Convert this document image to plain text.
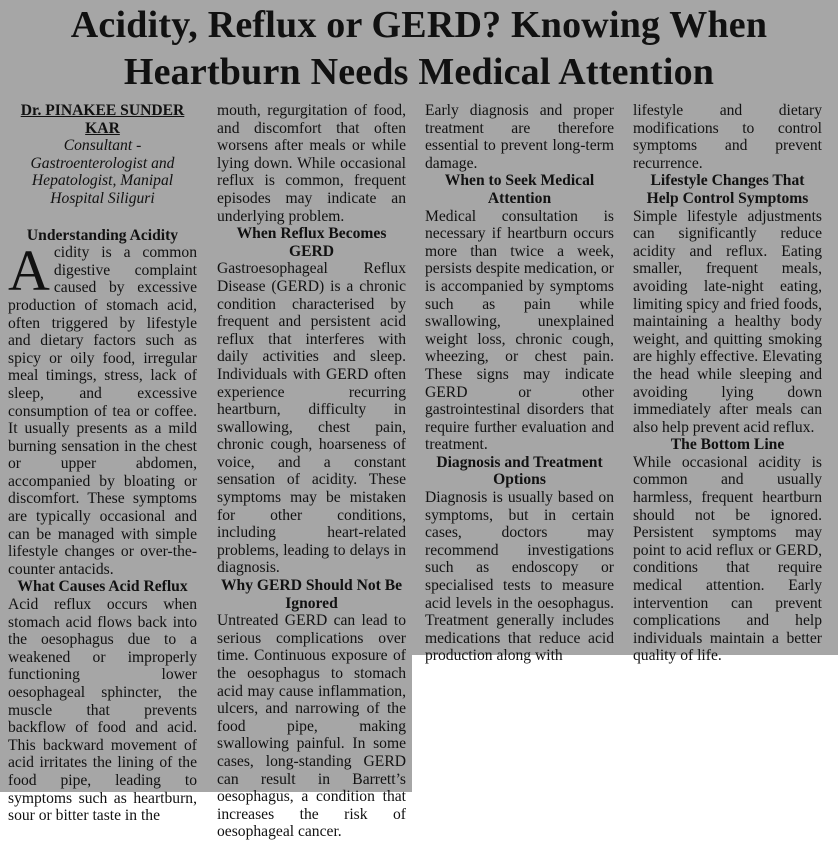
Acidity, Reflux or GERD? Knowing When Heartburn Needs Medical Attention

Dr. PINAKEE SUNDER KAR
Consultant - Gastroenterologist and Hepatologist, Manipal Hospital Siliguri

Understanding Acidity

Acidity is a common digestive complaint caused by excessive production of stomach acid, often triggered by lifestyle and dietary factors such as spicy or oily food, irregular meal timings, stress, lack of sleep, and excessive consumption of tea or coffee. It usually presents as a mild burning sensation in the chest or upper abdomen, accompanied by bloating or discomfort. These symptoms are typically occasional and can be managed with simple lifestyle changes or over-the-counter antacids.

What Causes Acid Reflux

Acid reflux occurs when stomach acid flows back into the oesophagus due to a weakened or improperly functioning lower oesophageal sphincter, the muscle that prevents backflow of food and acid. This backward movement of acid irritates the lining of the food pipe, leading to symptoms such as heartburn, sour or bitter taste in the

mouth, regurgitation of food, and discomfort that often worsens after meals or while lying down. While occasional reflux is common, frequent episodes may indicate an underlying problem.

When Reflux Becomes GERD

Gastroesophageal Reflux Disease (GERD) is a chronic condition characterised by frequent and persistent acid reflux that interferes with daily activities and sleep. Individuals with GERD often experience recurring heartburn, difficulty in swallowing, chest pain, chronic cough, hoarseness of voice, and a constant sensation of acidity. These symptoms may be mistaken for other conditions, including heart-related problems, leading to delays in diagnosis.

Why GERD Should Not Be Ignored

Untreated GERD can lead to serious complications over time. Continuous exposure of the oesophagus to stomach acid may cause inflammation, ulcers, and narrowing of the food pipe, making swallowing painful. In some cases, long-standing GERD can result in Barrett’s oesophagus, a condition that increases the risk of oesophageal cancer.

Early diagnosis and proper treatment are therefore essential to prevent long-term damage.

When to Seek Medical Attention

Medical consultation is necessary if heartburn occurs more than twice a week, persists despite medication, or is accompanied by symptoms such as pain while swallowing, unexplained weight loss, chronic cough, wheezing, or chest pain. These signs may indicate GERD or other gastrointestinal disorders that require further evaluation and treatment.

Diagnosis and Treatment Options

Diagnosis is usually based on symptoms, but in certain cases, doctors may recommend investigations such as endoscopy or specialised tests to measure acid levels in the oesophagus. Treatment generally includes medications that reduce acid production along with

lifestyle and dietary modifications to control symptoms and prevent recurrence.

Lifestyle Changes That Help Control Symptoms

Simple lifestyle adjustments can significantly reduce acidity and reflux. Eating smaller, frequent meals, avoiding late-night eating, limiting spicy and fried foods, maintaining a healthy body weight, and quitting smoking are highly effective. Elevating the head while sleeping and avoiding lying down immediately after meals can also help prevent acid reflux.

The Bottom Line

While occasional acidity is common and usually harmless, frequent heartburn should not be ignored. Persistent symptoms may point to acid reflux or GERD, conditions that require medical attention. Early intervention can prevent complications and help individuals maintain a better quality of life.
